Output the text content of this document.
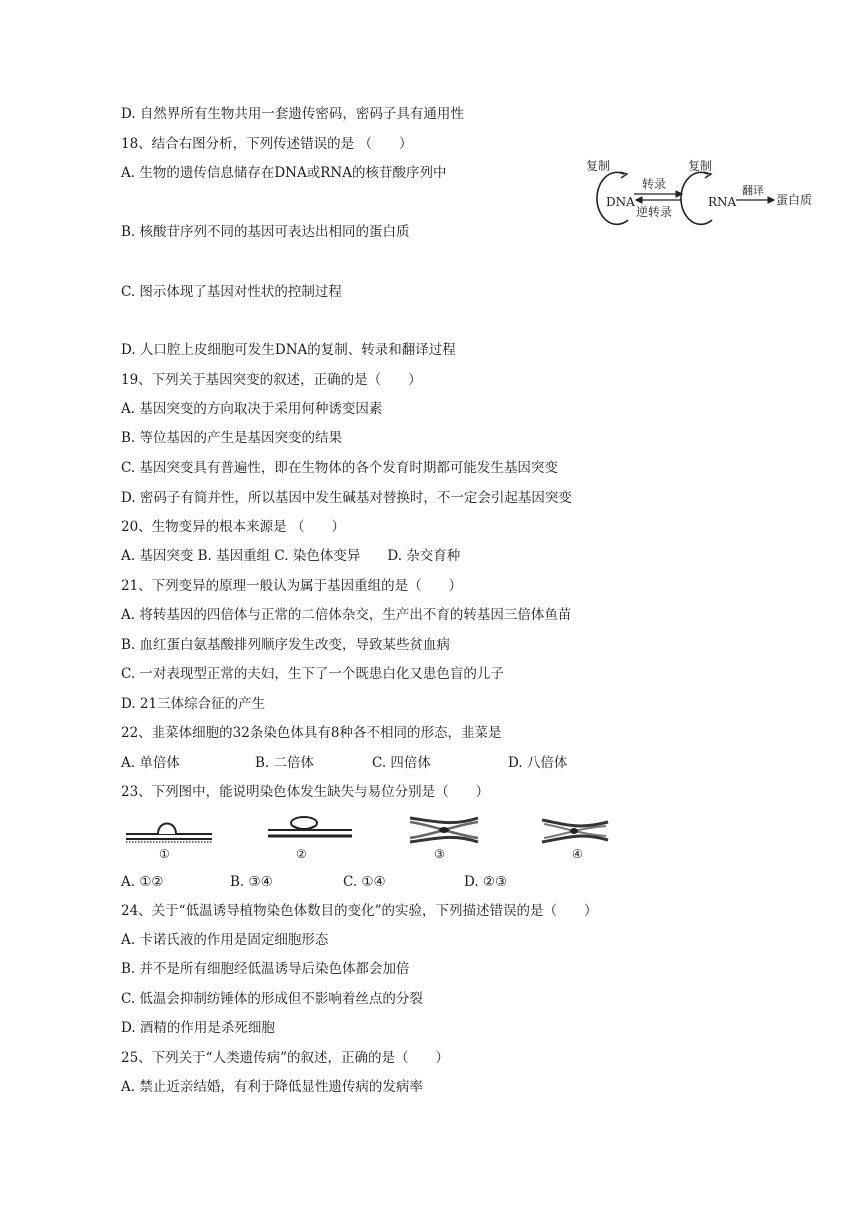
D. 自然界所有生物共用一套遗传密码，密码子具有通用性
18、结合右图分析，下列传述错误的是 （　　）
A. 生物的遗传信息储存在DNA或RNA的核苷酸序列中
B. 核酸苷序列不同的基因可表达出相同的蛋白质
C. 图示体现了基因对性状的控制过程
D. 人口腔上皮细胞可发生DNA的复制、转录和翻译过程
复制
DNA
转录
逆转录
复制
RNA
翻译
蛋白质
19、下列关于基因突变的叙述，正确的是（　　）
A. 基因突变的方向取决于采用何种诱变因素
B. 等位基因的产生是基因突变的结果
C. 基因突变具有普遍性，即在生物体的各个发育时期都可能发生基因突变
D. 密码子有简并性，所以基因中发生碱基对替换时，不一定会引起基因突变
20、生物变异的根本来源是 （　　）
A. 基因突变 B. 基因重组 C. 染色体变异　　D. 杂交育种
21、下列变异的原理一般认为属于基因重组的是（　　）
A. 将转基因的四倍体与正常的二倍体杂交，生产出不育的转基因三倍体鱼苗
B. 血红蛋白氨基酸排列顺序发生改变，导致某些贫血病
C. 一对表现型正常的夫妇，生下了一个既患白化又患色盲的儿子
D. 21三体综合征的产生
22、韭菜体细胞的32条染色体具有8种各不相同的形态，韭菜是
A. 单倍体	B. 二倍体	C. 四倍体	D. 八倍体
23、下列图中，能说明染色体发生缺失与易位分别是（　　）
①	②	③	④
A. ①②	B. ③④	C. ①④	D. ②③
24、关于“低温诱导植物染色体数目的变化”的实验，下列描述错误的是（　　）
A. 卡诺氏液的作用是固定细胞形态
B. 并不是所有细胞经低温诱导后染色体都会加倍
C. 低温会抑制纺锤体的形成但不影响着丝点的分裂
D. 酒精的作用是杀死细胞
25、下列关于“人类遗传病”的叙述，正确的是（　　）
A. 禁止近亲结婚，有利于降低显性遗传病的发病率
